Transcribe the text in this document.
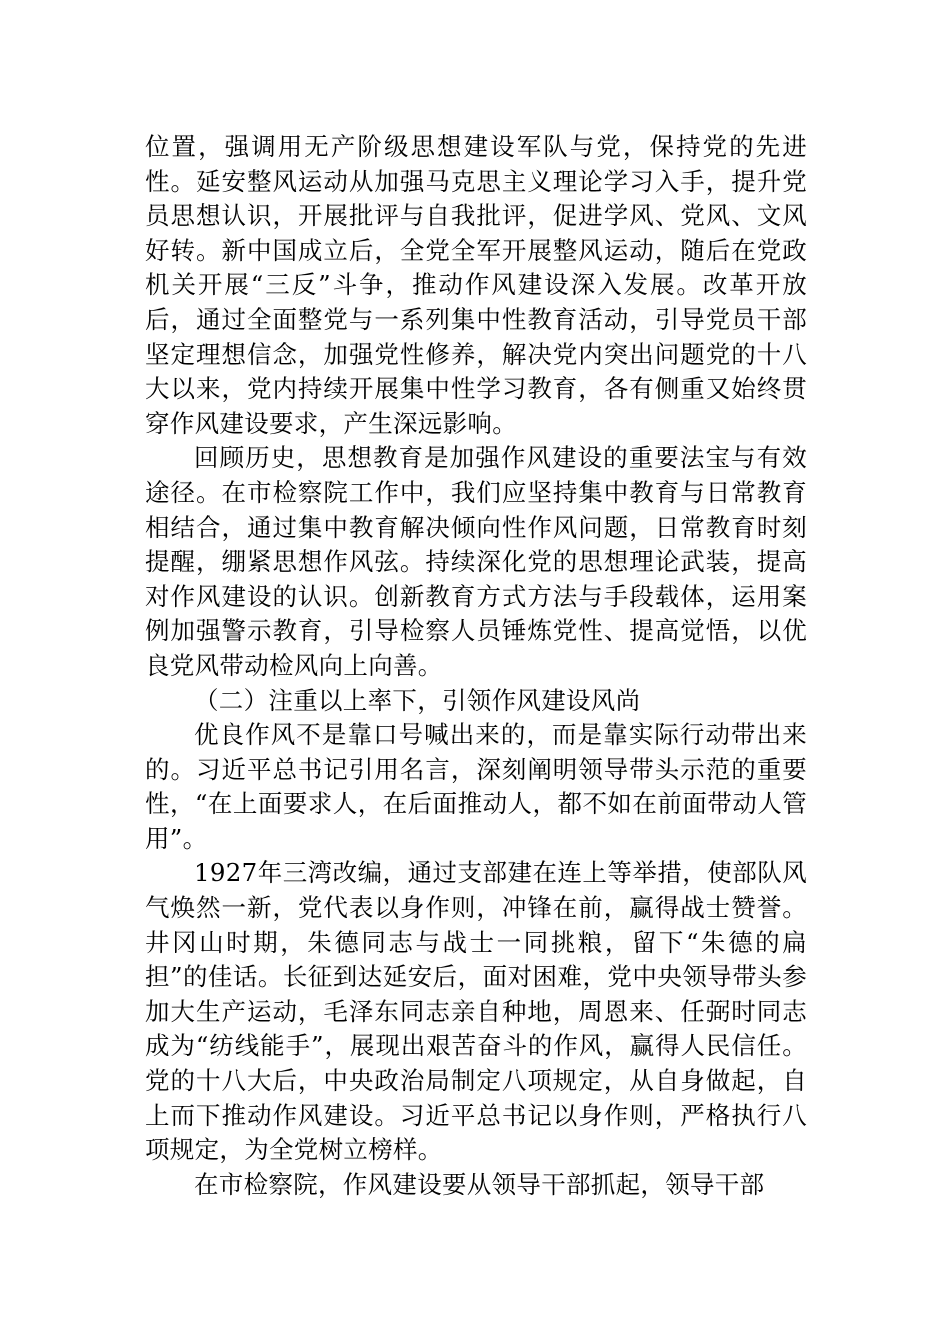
位置，强调用无产阶级思想建设军队与党，保持党的先进性。延安整风运动从加强马克思主义理论学习入手，提升党员思想认识，开展批评与自我批评，促进学风、党风、文风好转。新中国成立后，全党全军开展整风运动，随后在党政机关开展“三反”斗争，推动作风建设深入发展。改革开放后，通过全面整党与一系列集中性教育活动，引导党员干部坚定理想信念，加强党性修养，解决党内突出问题党的十八大以来，党内持续开展集中性学习教育，各有侧重又始终贯穿作风建设要求，产生深远影响。

回顾历史，思想教育是加强作风建设的重要法宝与有效途径。在市检察院工作中，我们应坚持集中教育与日常教育相结合，通过集中教育解决倾向性作风问题，日常教育时刻提醒，绷紧思想作风弦。持续深化党的思想理论武装，提高对作风建设的认识。创新教育方式方法与手段载体，运用案例加强警示教育，引导检察人员锤炼党性、提高觉悟，以优良党风带动检风向上向善。

（二）注重以上率下，引领作风建设风尚

优良作风不是靠口号喊出来的，而是靠实际行动带出来的。习近平总书记引用名言，深刻阐明领导带头示范的重要性，“在上面要求人，在后面推动人，都不如在前面带动人管用”。

1927年三湾改编，通过支部建在连上等举措，使部队风气焕然一新，党代表以身作则，冲锋在前，赢得战士赞誉。井冈山时期，朱德同志与战士一同挑粮，留下“朱德的扁担”的佳话。长征到达延安后，面对困难，党中央领导带头参加大生产运动，毛泽东同志亲自种地，周恩来、任弼时同志成为“纺线能手”，展现出艰苦奋斗的作风，赢得人民信任。党的十八大后，中央政治局制定八项规定，从自身做起，自上而下推动作风建设。习近平总书记以身作则，严格执行八项规定，为全党树立榜样。

在市检察院，作风建设要从领导干部抓起，领导干部
